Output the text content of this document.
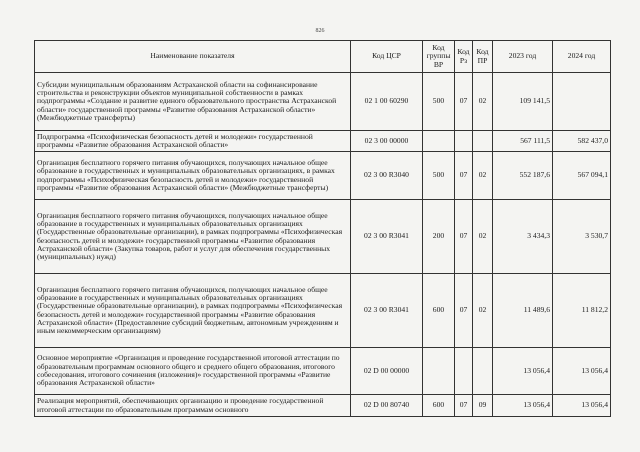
826
Наименование показателя	Код ЦСР	Код группы ВР	Код Рз	Код ПР	2023 год	2024 год
Субсидии муниципальным образованиям Астраханской области на софинансирование строительства и реконструкции объектов муниципальной собственности в рамках подпрограммы «Создание и развитие единого образовательного пространства Астраханской области» государственной программы «Развитие образования Астраханской области» (Межбюджетные трансферты)	02 1 00 60290	500	07	02	109 141,5	
Подпрограмма «Психофизическая безопасность детей и молодежи» государственной программы «Развитие образования Астраханской области»	02 3 00 00000				567 111,5	582 437,0
Организация бесплатного горячего питания обучающихся, получающих начальное общее образование в государственных и муниципальных образовательных организациях, в рамках подпрограммы «Психофизическая безопасность детей и молодежи» государственной программы «Развитие образования Астраханской области» (Межбюджетные трансферты)	02 3 00 R3040	500	07	02	552 187,6	567 094,1
Организация бесплатного горячего питания обучающихся, получающих начальное общее образование в государственных и муниципальных образовательных организациях (Государственные образовательные организации), в рамках подпрограммы «Психофизическая безопасность детей и молодежи» государственной программы «Развитие образования Астраханской области» (Закупка товаров, работ и услуг для обеспечения государственных (муниципальных) нужд)	02 3 00 R3041	200	07	02	3 434,3	3 530,7
Организация бесплатного горячего питания обучающихся, получающих начальное общее образование в государственных и муниципальных образовательных организациях (Государственные образовательные организации), в рамках подпрограммы «Психофизическая безопасность детей и молодежи» государственной программы «Развитие образования Астраханской области» (Предоставление субсидий бюджетным, автономным учреждениям и иным некоммерческим организациям)	02 3 00 R3041	600	07	02	11 489,6	11 812,2
Основное мероприятие «Организация и проведение государственной итоговой аттестации по образовательным программам основного общего и среднего общего образования, итогового собеседования, итогового сочинения (изложения)» государственной программы «Развитие образования Астраханской области»	02 D 00 00000				13 056,4	13 056,4
Реализация мероприятий, обеспечивающих организацию и проведение государственной итоговой аттестации по образовательным программам основного	02 D 00 80740	600	07	09	13 056,4	13 056,4
